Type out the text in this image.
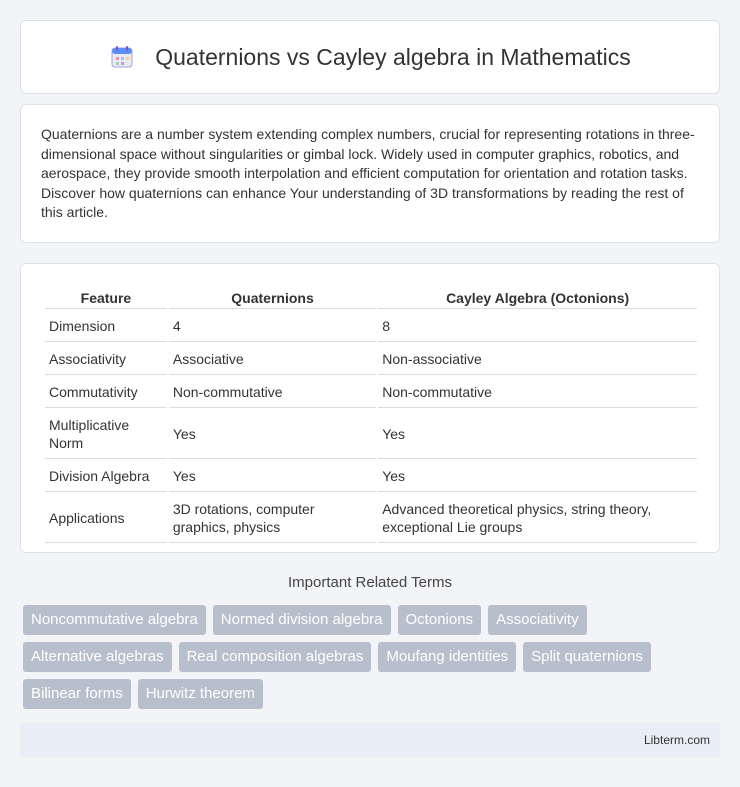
Quaternions vs Cayley algebra in Mathematics

Quaternions are a number system extending complex numbers, crucial for representing rotations in three-dimensional space without singularities or gimbal lock. Widely used in computer graphics, robotics, and aerospace, they provide smooth interpolation and efficient computation for orientation and rotation tasks. Discover how quaternions can enhance Your understanding of 3D transformations by reading the rest of this article.

Feature	Quaternions	Cayley Algebra (Octonions)
Dimension	4	8
Associativity	Associative	Non-associative
Commutativity	Non-commutative	Non-commutative
Multiplicative Norm	Yes	Yes
Division Algebra	Yes	Yes
Applications	3D rotations, computer graphics, physics	Advanced theoretical physics, string theory, exceptional Lie groups
Important Related Terms
Noncommutative algebra	Normed division algebra	Octonions	Associativity
Alternative algebras	Real composition algebras	Moufang identities	Split quaternions
Bilinear forms	Hurwitz theorem
Libterm.com
